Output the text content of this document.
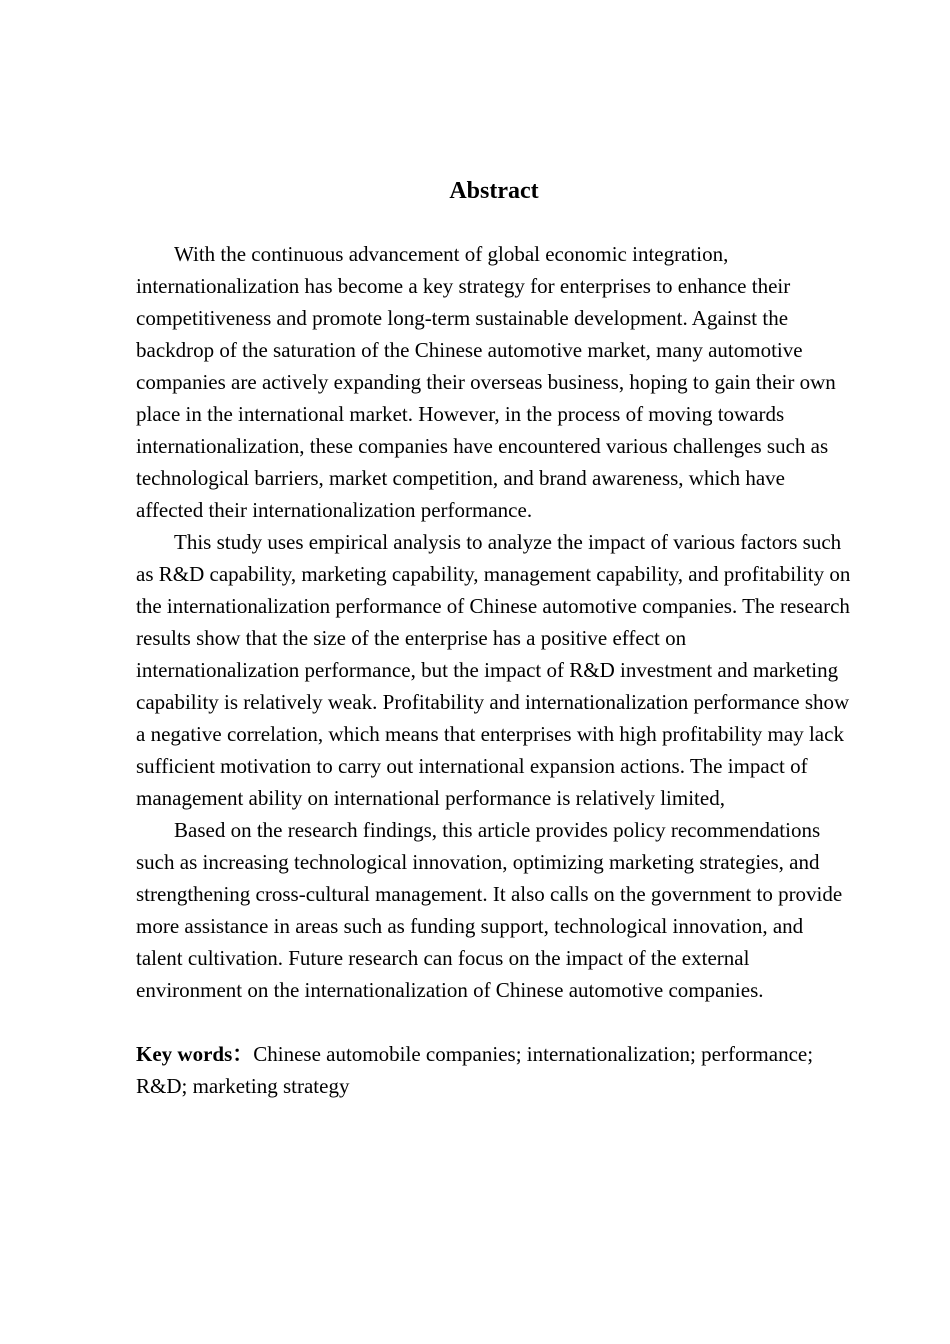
Abstract

With the continuous advancement of global economic integration, internationalization has become a key strategy for enterprises to enhance their competitiveness and promote long-term sustainable development. Against the backdrop of the saturation of the Chinese automotive market, many automotive companies are actively expanding their overseas business, hoping to gain their own place in the international market. However, in the process of moving towards internationalization, these companies have encountered various challenges such as technological barriers, market competition, and brand awareness, which have affected their internationalization performance.

This study uses empirical analysis to analyze the impact of various factors such as R&D capability, marketing capability, management capability, and profitability on the internationalization performance of Chinese automotive companies. The research results show that the size of the enterprise has a positive effect on internationalization performance, but the impact of R&D investment and marketing capability is relatively weak. Profitability and internationalization performance show a negative correlation, which means that enterprises with high profitability may lack sufficient motivation to carry out international expansion actions. The impact of management ability on international performance is relatively limited,

Based on the research findings, this article provides policy recommendations such as increasing technological innovation, optimizing marketing strategies, and strengthening cross-cultural management. It also calls on the government to provide more assistance in areas such as funding support, technological innovation, and talent cultivation. Future research can focus on the impact of the external environment on the internationalization of Chinese automotive companies.

Key words：Chinese automobile companies; internationalization; performance; R&D; marketing strategy
